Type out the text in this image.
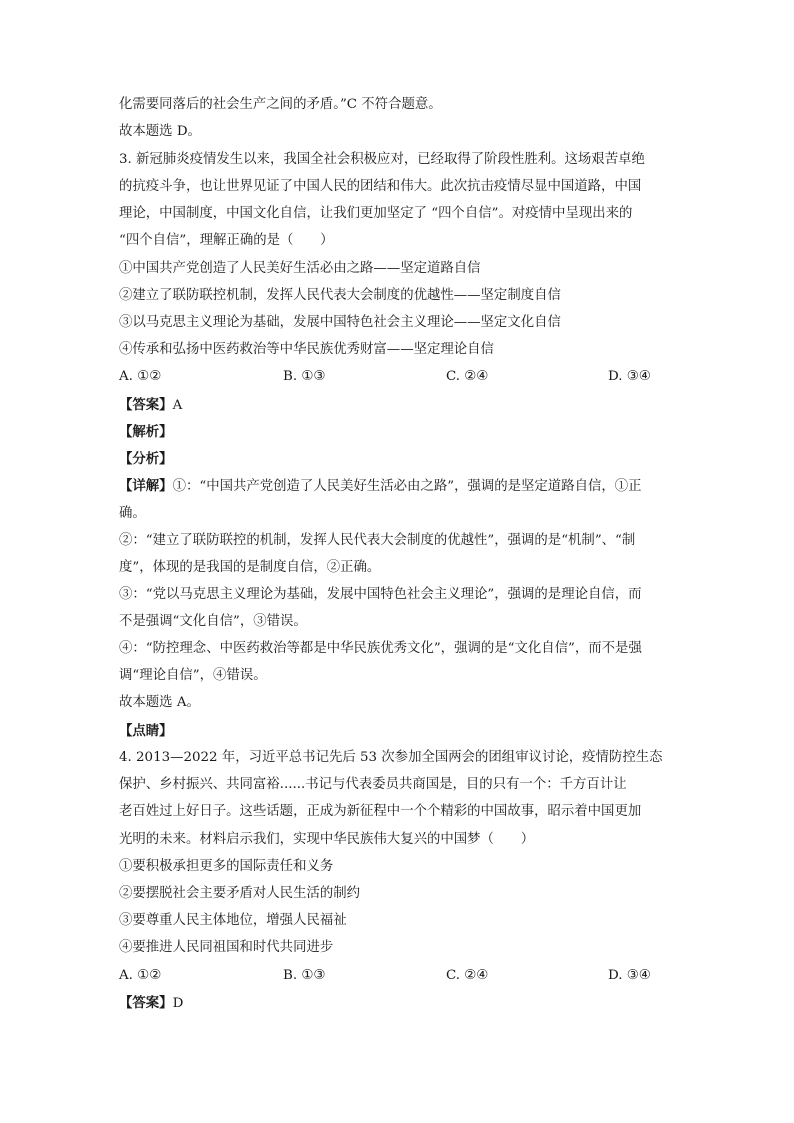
化需要同落后的社会生产之间的矛盾。”C 不符合题意。
故本题选 D。
3. 新冠肺炎疫情发生以来，我国全社会积极应对，已经取得了阶段性胜利。这场艰苦卓绝
的抗疫斗争，也让世界见证了中国人民的团结和伟大。此次抗击疫情尽显中国道路，中国
理论，中国制度，中国文化自信，让我们更加坚定了 “四个自信”。对疫情中呈现出来的
“四个自信”，理解正确的是（　　）
①中国共产党创造了人民美好生活必由之路——坚定道路自信
②建立了联防联控机制，发挥人民代表大会制度的优越性——坚定制度自信
③以马克思主义理论为基础，发展中国特色社会主义理论——坚定文化自信
④传承和弘扬中医药救治等中华民族优秀财富——坚定理论自信
A. ①②	B. ①③	C. ②④	D. ③④
【答案】A
【解析】
【分析】
【详解】①：“中国共产党创造了人民美好生活必由之路”，强调的是坚定道路自信，①正
确。
②：“建立了联防联控的机制，发挥人民代表大会制度的优越性”，强调的是“机制”、“制
度”，体现的是我国的是制度自信，②正确。
③：“党以马克思主义理论为基础，发展中国特色社会主义理论”，强调的是理论自信，而
不是强调“文化自信”，③错误。
④：“防控理念、中医药救治等都是中华民族优秀文化”，强调的是“文化自信”，而不是强
调“理论自信”，④错误。
故本题选 A。
【点睛】
4. 2013—2022 年，习近平总书记先后 53 次参加全国两会的团组审议讨论，疫情防控生态
保护、乡村振兴、共同富裕......书记与代表委员共商国是，目的只有一个：千方百计让
老百姓过上好日子。这些话题，正成为新征程中一个个精彩的中国故事，昭示着中国更加
光明的未来。材料启示我们，实现中华民族伟大复兴的中国梦（　　）
①要积极承担更多的国际责任和义务
②要摆脱社会主要矛盾对人民生活的制约
③要尊重人民主体地位，增强人民福祉
④要推进人民同祖国和时代共同进步
A. ①②	B. ①③	C. ②④	D. ③④
【答案】D
